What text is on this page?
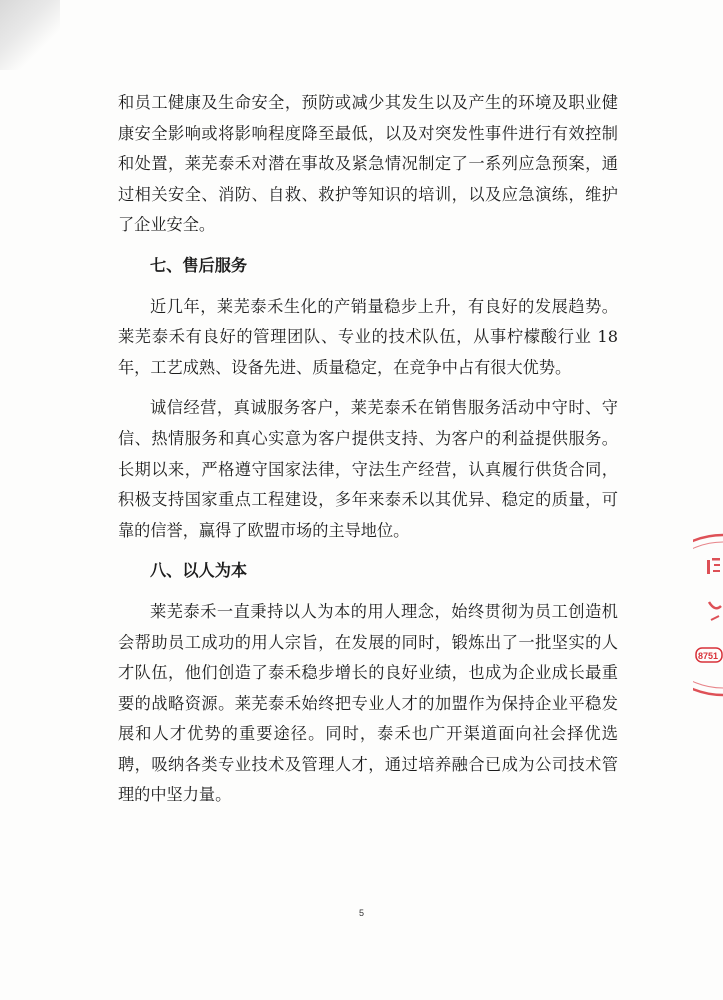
和员工健康及生命安全，预防或减少其发生以及产生的环境及职业健康安全影响或将影响程度降至最低，以及对突发性事件进行有效控制和处置，莱芜泰禾对潜在事故及紧急情况制定了一系列应急预案，通过相关安全、消防、自救、救护等知识的培训，以及应急演练，维护了企业安全。

七、售后服务

近几年，莱芜泰禾生化的产销量稳步上升，有良好的发展趋势。莱芜泰禾有良好的管理团队、专业的技术队伍，从事柠檬酸行业 18 年，工艺成熟、设备先进、质量稳定，在竞争中占有很大优势。

诚信经营，真诚服务客户，莱芜泰禾在销售服务活动中守时、守信、热情服务和真心实意为客户提供支持、为客户的利益提供服务。长期以来，严格遵守国家法律，守法生产经营，认真履行供货合同，积极支持国家重点工程建设，多年来泰禾以其优异、稳定的质量，可靠的信誉，赢得了欧盟市场的主导地位。

八、以人为本

莱芜泰禾一直秉持以人为本的用人理念，始终贯彻为员工创造机会帮助员工成功的用人宗旨，在发展的同时，锻炼出了一批坚实的人才队伍，他们创造了泰禾稳步增长的良好业绩，也成为企业成长最重要的战略资源。莱芜泰禾始终把专业人才的加盟作为保持企业平稳发展和人才优势的重要途径。同时，泰禾也广开渠道面向社会择优选聘，吸纳各类专业技术及管理人才，通过培养融合已成为公司技术管理的中坚力量。

8751
5
